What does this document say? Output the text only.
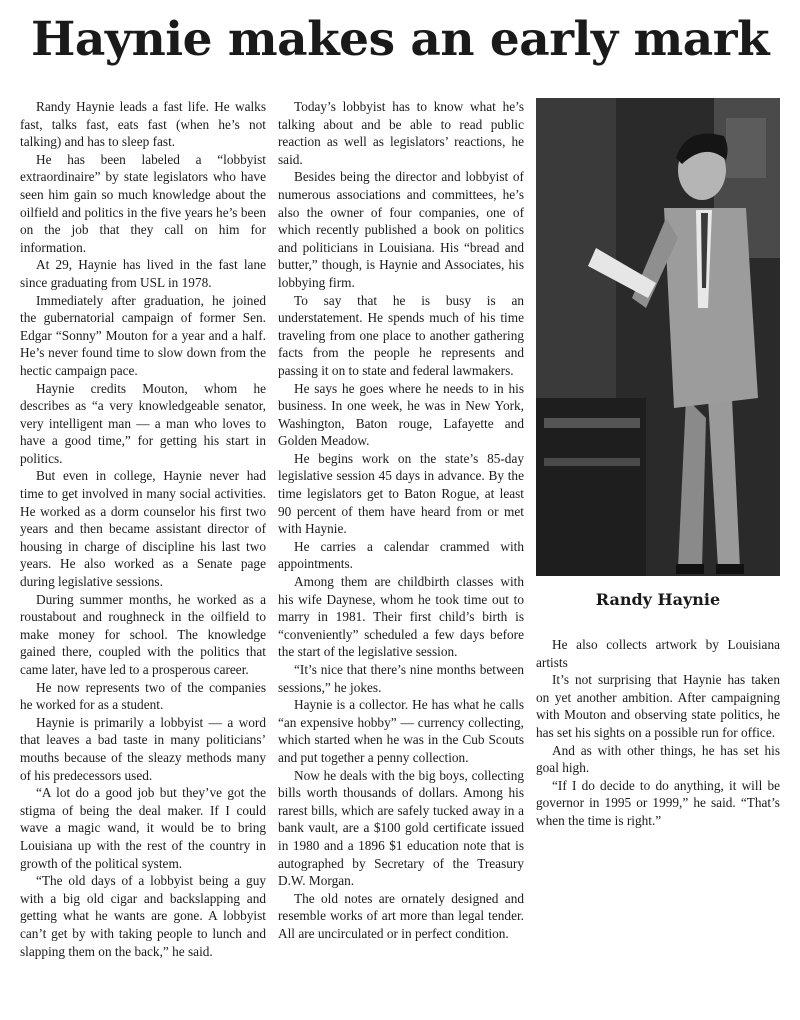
Haynie makes an early mark

Randy Haynie leads a fast life. He walks fast, talks fast, eats fast (when he’s not talking) and has to sleep fast.

He has been labeled a “lobbyist extraordinaire” by state legislators who have seen him gain so much knowledge about the oilfield and politics in the five years he’s been on the job that they call on him for information.

At 29, Haynie has lived in the fast lane since graduating from USL in 1978.

Immediately after graduation, he joined the gubernatorial campaign of former Sen. Edgar “Sonny” Mouton for a year and a half. He’s never found time to slow down from the hectic campaign pace.

Haynie credits Mouton, whom he describes as “a very knowledgeable senator, very intelligent man — a man who loves to have a good time,” for getting his start in politics.

But even in college, Haynie never had time to get involved in many social activities. He worked as a dorm counselor his first two years and then became assistant director of housing in charge of discipline his last two years. He also worked as a Senate page during legislative sessions.

During summer months, he worked as a roustabout and roughneck in the oilfield to make money for school. The knowledge gained there, coupled with the politics that came later, have led to a prosperous career.

He now represents two of the companies he worked for as a student.

Haynie is primarily a lobbyist — a word that leaves a bad taste in many politicians’ mouths because of the sleazy methods many of his predecessors used.

“A lot do a good job but they’ve got the stigma of being the deal maker. If I could wave a magic wand, it would be to bring Louisiana up with the rest of the country in growth of the political system.

“The old days of a lobbyist being a guy with a big old cigar and backslapping and getting what he wants are gone. A lobbyist can’t get by with taking people to lunch and slapping them on the back,” he said.

Today’s lobbyist has to know what he’s talking about and be able to read public reaction as well as legislators’ reactions, he said.

Besides being the director and lobbyist of numerous associations and committees, he’s also the owner of four companies, one of which recently published a book on politics and politicians in Louisiana. His “bread and butter,” though, is Haynie and Associates, his lobbying firm.

To say that he is busy is an understatement. He spends much of his time traveling from one place to another gathering facts from the people he represents and passing it on to state and federal lawmakers.

He says he goes where he needs to in his business. In one week, he was in New York, Washington, Baton rouge, Lafayette and Golden Meadow.

He begins work on the state’s 85-day legislative session 45 days in advance. By the time legislators get to Baton Rogue, at least 90 percent of them have heard from or met with Haynie.

He carries a calendar crammed with appointments.

Among them are childbirth classes with his wife Daynese, whom he took time out to marry in 1981. Their first child’s birth is “conveniently” scheduled a few days before the start of the legislative session.

“It’s nice that there’s nine months between sessions,” he jokes.

Haynie is a collector. He has what he calls “an expensive hobby” — currency collecting, which started when he was in the Cub Scouts and put together a penny collection.

Now he deals with the big boys, collecting bills worth thousands of dollars. Among his rarest bills, which are safely tucked away in a bank vault, are a $100 gold certificate issued in 1980 and a 1896 $1 education note that is autographed by Secretary of the Treasury D.W. Morgan.

The old notes are ornately designed and resemble works of art more than legal tender. All are uncirculated or in perfect condition.

Randy Haynie

He also collects artwork by Louisiana artists

It’s not surprising that Haynie has taken on yet another ambition. After campaigning with Mouton and observing state politics, he has set his sights on a possible run for office.

And as with other things, he has set his goal high.

“If I do decide to do anything, it will be governor in 1995 or 1999,” he said. “That’s when the time is right.”
